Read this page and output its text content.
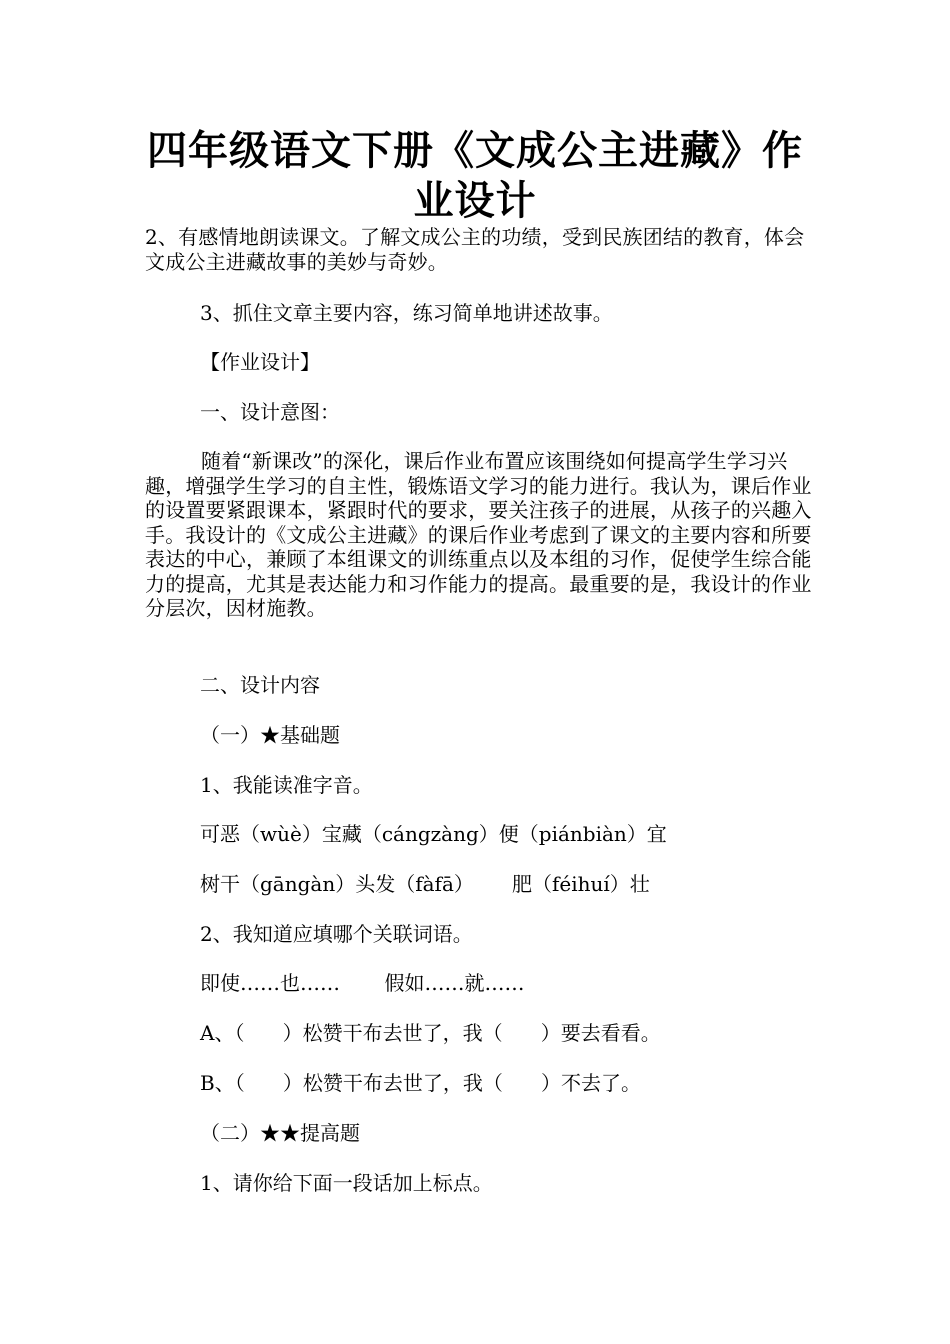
四年级语文下册《文成公主进藏》作业设计
2、有感情地朗读课文。了解文成公主的功绩，受到民族团结的教育，体会文成公主进藏故事的美妙与奇妙。
3、抓住文章主要内容，练习简单地讲述故事。
【作业设计】
一、设计意图：
随着“新课改”的深化，课后作业布置应该围绕如何提高学生学习兴趣，增强学生学习的自主性，锻炼语文学习的能力进行。我认为，课后作业的设置要紧跟课本，紧跟时代的要求，要关注孩子的进展，从孩子的兴趣入手。我设计的《文成公主进藏》的课后作业考虑到了课文的主要内容和所要表达的中心，兼顾了本组课文的训练重点以及本组的习作，促使学生综合能力的提高，尤其是表达能力和习作能力的提高。最重要的是，我设计的作业分层次，因材施教。
二、设计内容
（一）★基础题
1、我能读准字音。
可恶（wùè）宝藏（cángzàng）便（piánbiàn）宜
树干（gāngàn）头发（fàfā）      肥（féihuí）壮
2、我知道应填哪个关联词语。
即使……也……       假如……就……
A、（      ）松赞干布去世了，我（      ）要去看看。
B、（      ）松赞干布去世了，我（      ）不去了。
（二）★★提高题
1、请你给下面一段话加上标点。
